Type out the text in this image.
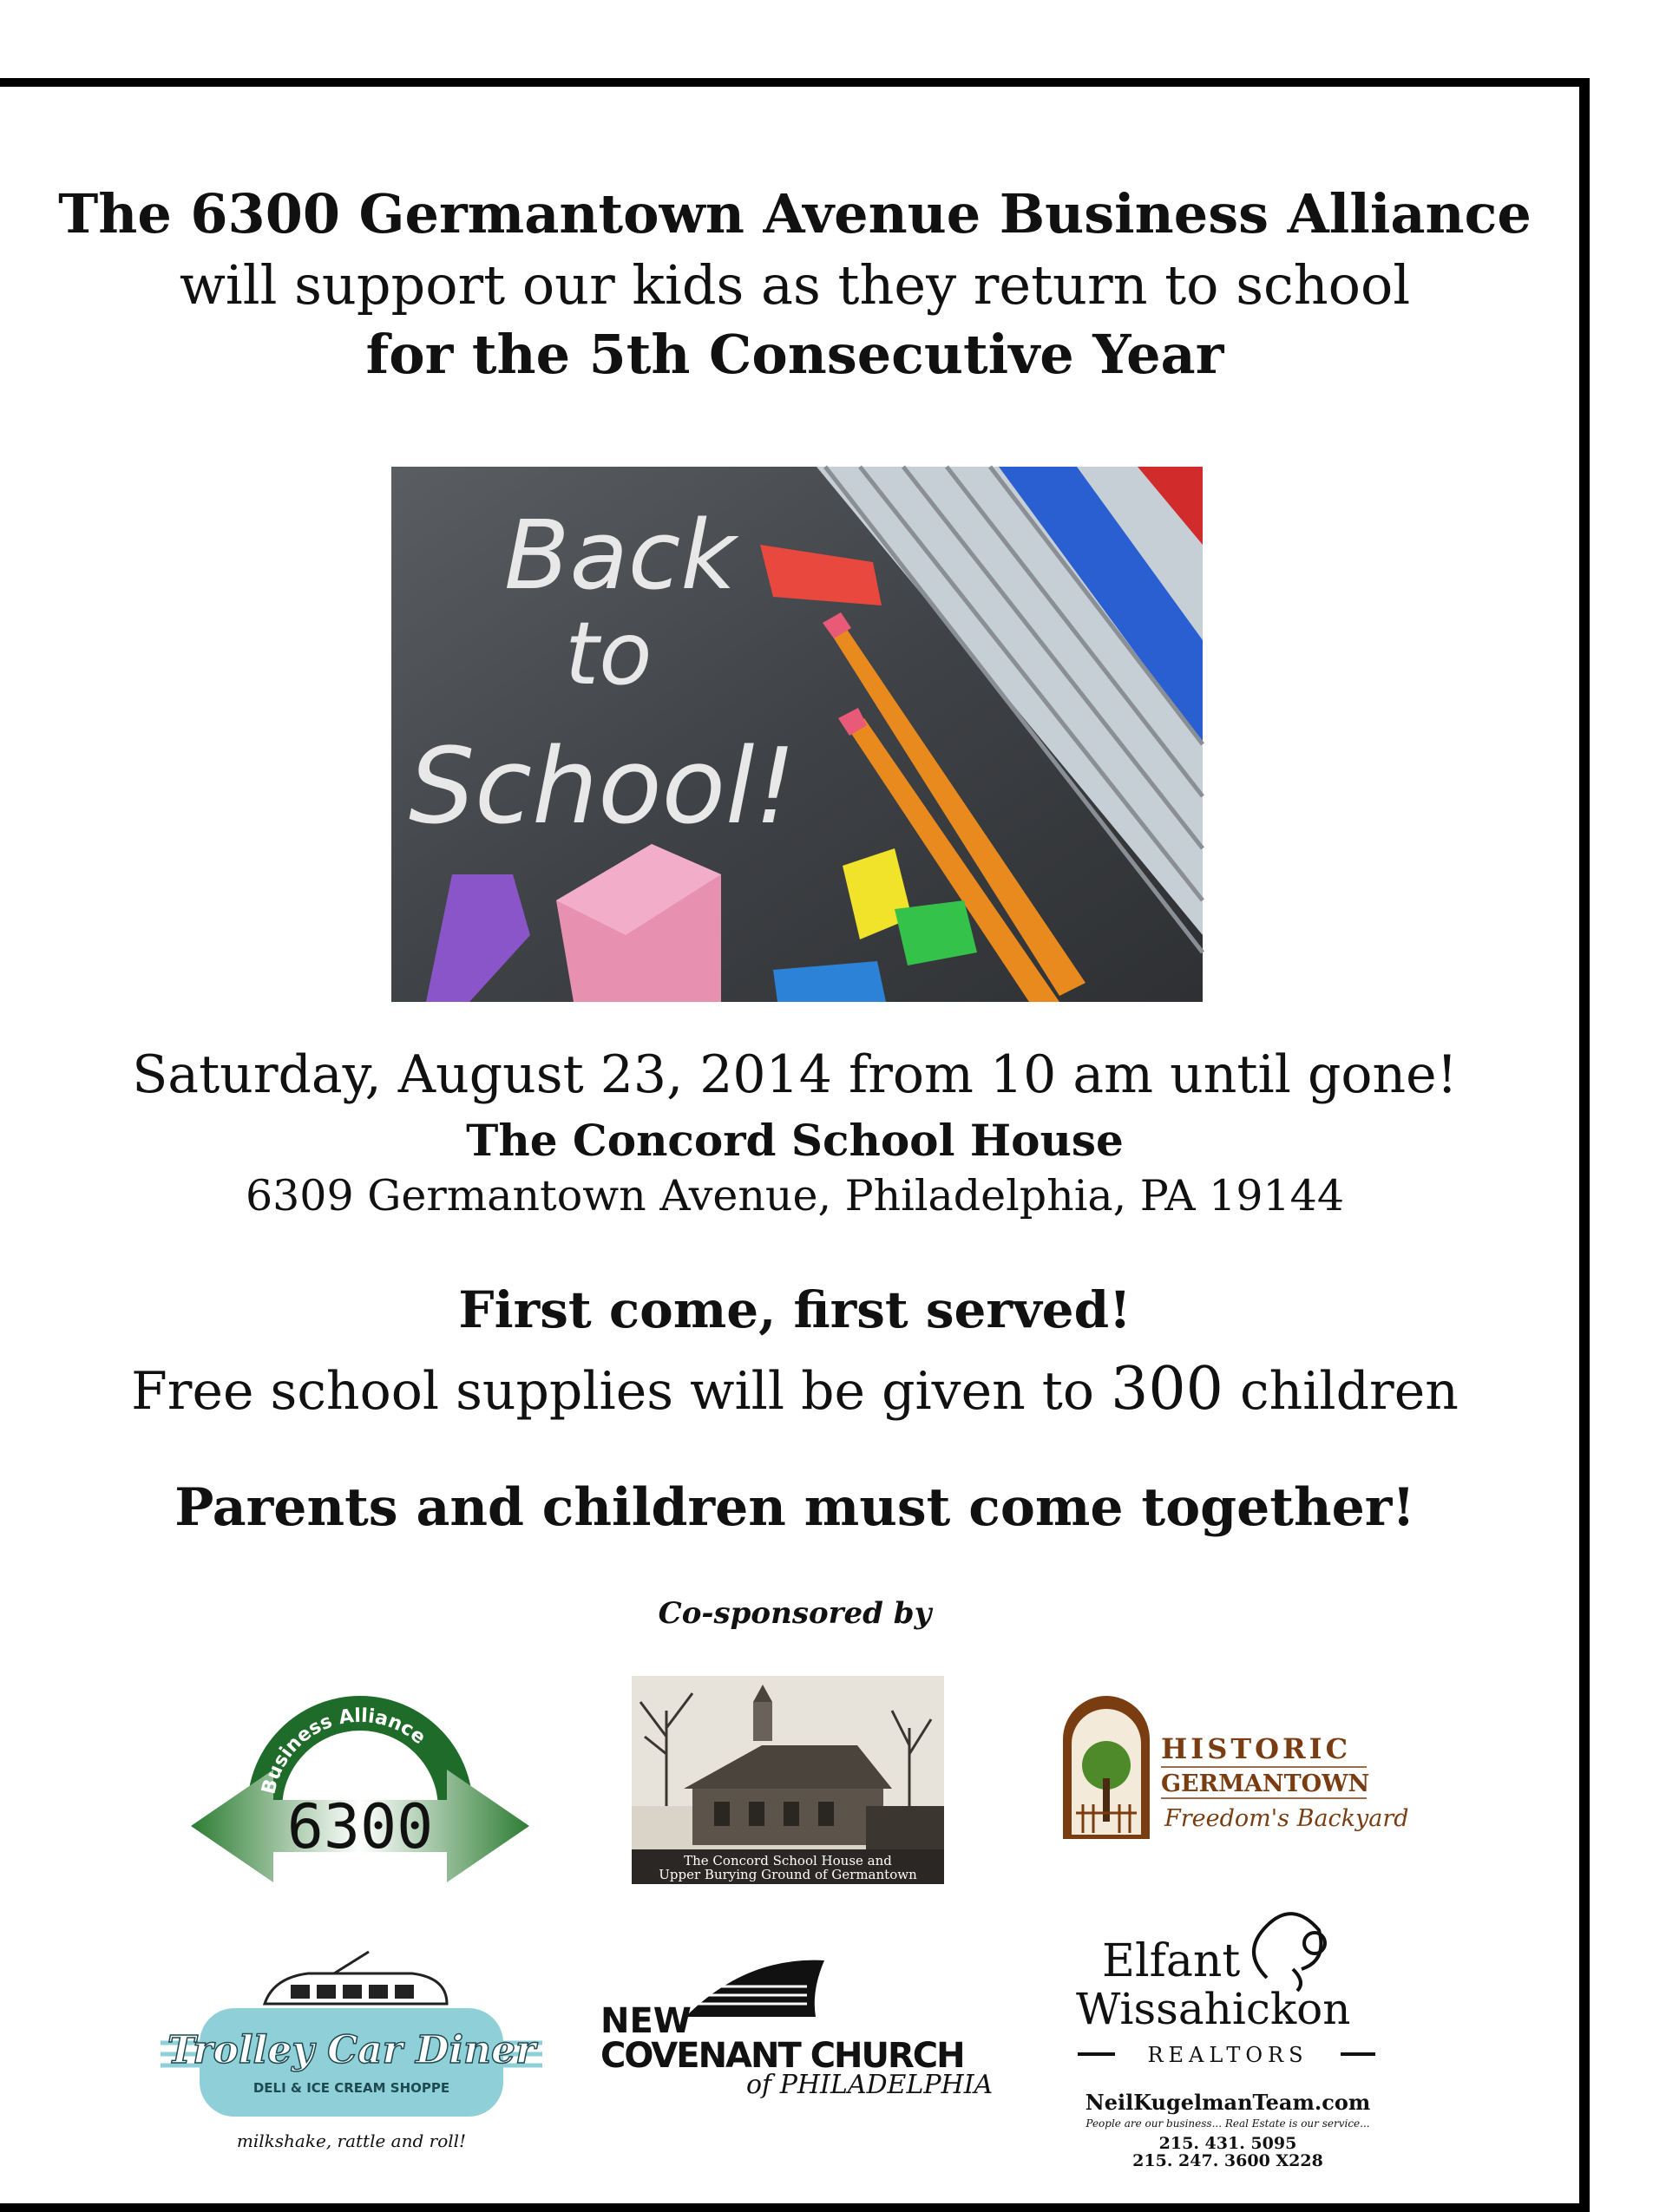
The 6300 Germantown Avenue Business Alliance
will support our kids as they return to school
for the 5th Consecutive Year
Back
to
School!
Saturday, August 23, 2014 from 10 am until gone!
The Concord School House
6309 Germantown Avenue, Philadelphia, PA 19144
First come, first served!
Free school supplies will be given to 300 children
Parents and children must come together!
Co-sponsored by
Business Alliance
6300	The Concord School House and
Upper Burying Ground of Germantown
HISTORIC
GERMANTOWN
Freedom's Backyard
Trolley Car Diner
DELI & ICE CREAM SHOPPE
milkshake, rattle and roll!
NEW
COVENANT CHURCH
of PHILADELPHIA
Elfant
Wissahickon
REALTORS
NeilKugelmanTeam.com
People are our business... Real Estate is our service...
215. 431. 5095
215. 247. 3600 X228
